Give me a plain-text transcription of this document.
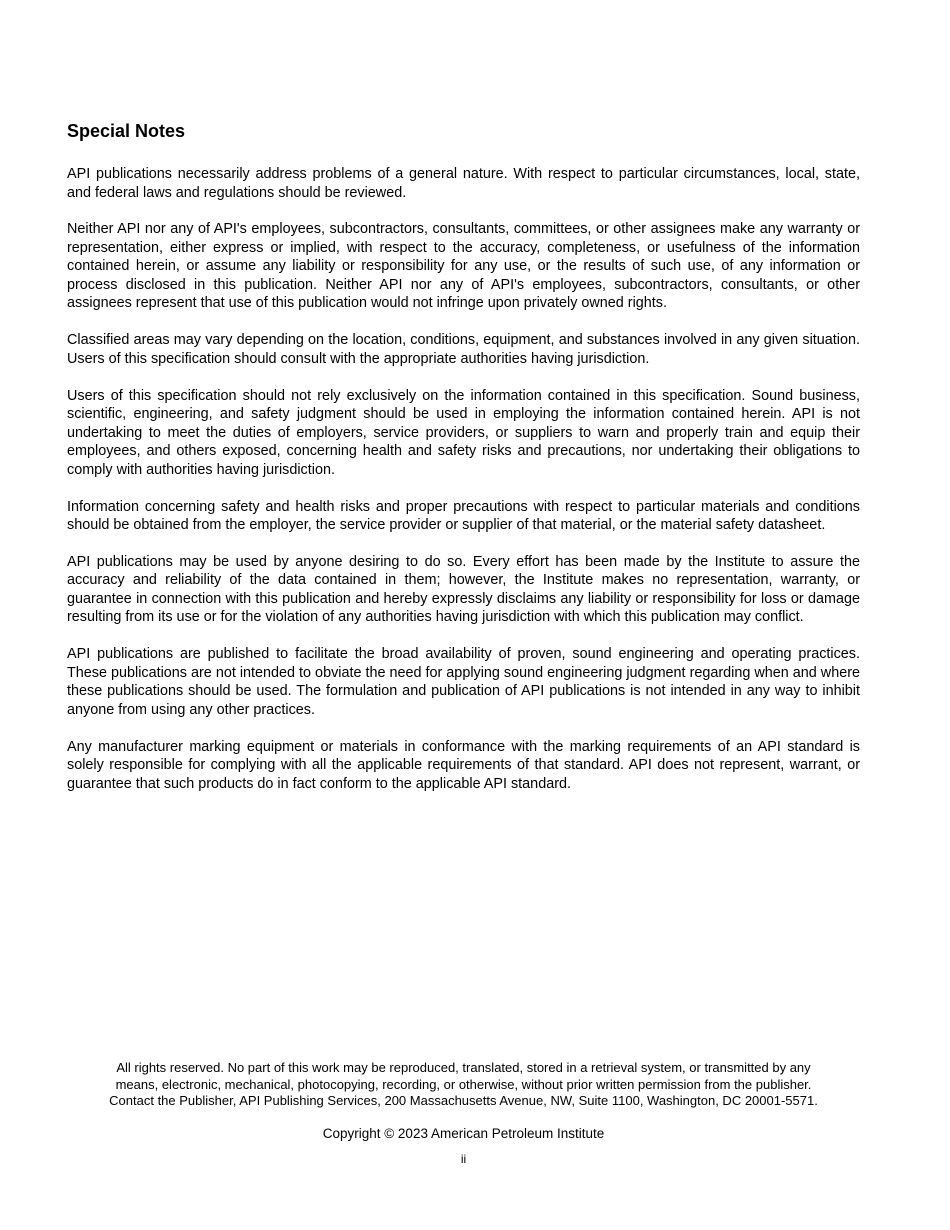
Special Notes

API publications necessarily address problems of a general nature. With respect to particular circumstances, local, state, and federal laws and regulations should be reviewed.

Neither API nor any of API's employees, subcontractors, consultants, committees, or other assignees make any warranty or representation, either express or implied, with respect to the accuracy, completeness, or usefulness of the information contained herein, or assume any liability or responsibility for any use, or the results of such use, of any information or process disclosed in this publication. Neither API nor any of API's employees, subcontractors, consultants, or other assignees represent that use of this publication would not infringe upon privately owned rights.

Classified areas may vary depending on the location, conditions, equipment, and substances involved in any given situation. Users of this specification should consult with the appropriate authorities having jurisdiction.

Users of this specification should not rely exclusively on the information contained in this specification. Sound business, scientific, engineering, and safety judgment should be used in employing the information contained herein. API is not undertaking to meet the duties of employers, service providers, or suppliers to warn and properly train and equip their employees, and others exposed, concerning health and safety risks and precautions, nor undertaking their obligations to comply with authorities having jurisdiction.

Information concerning safety and health risks and proper precautions with respect to particular materials and conditions should be obtained from the employer, the service provider or supplier of that material, or the material safety datasheet.

API publications may be used by anyone desiring to do so. Every effort has been made by the Institute to assure the accuracy and reliability of the data contained in them; however, the Institute makes no representation, warranty, or guarantee in connection with this publication and hereby expressly disclaims any liability or responsibility for loss or damage resulting from its use or for the violation of any authorities having jurisdiction with which this publication may conflict.

API publications are published to facilitate the broad availability of proven, sound engineering and operating practices. These publications are not intended to obviate the need for applying sound engineering judgment regarding when and where these publications should be used. The formulation and publication of API publications is not intended in any way to inhibit anyone from using any other practices.

Any manufacturer marking equipment or materials in conformance with the marking requirements of an API standard is solely responsible for complying with all the applicable requirements of that standard. API does not represent, warrant, or guarantee that such products do in fact conform to the applicable API standard.

All rights reserved. No part of this work may be reproduced, translated, stored in a retrieval system, or transmitted by any

means, electronic, mechanical, photocopying, recording, or otherwise, without prior written permission from the publisher.

Contact the Publisher, API Publishing Services, 200 Massachusetts Avenue, NW, Suite 1100, Washington, DC 20001-5571.

Copyright © 2023 American Petroleum Institute

ii
